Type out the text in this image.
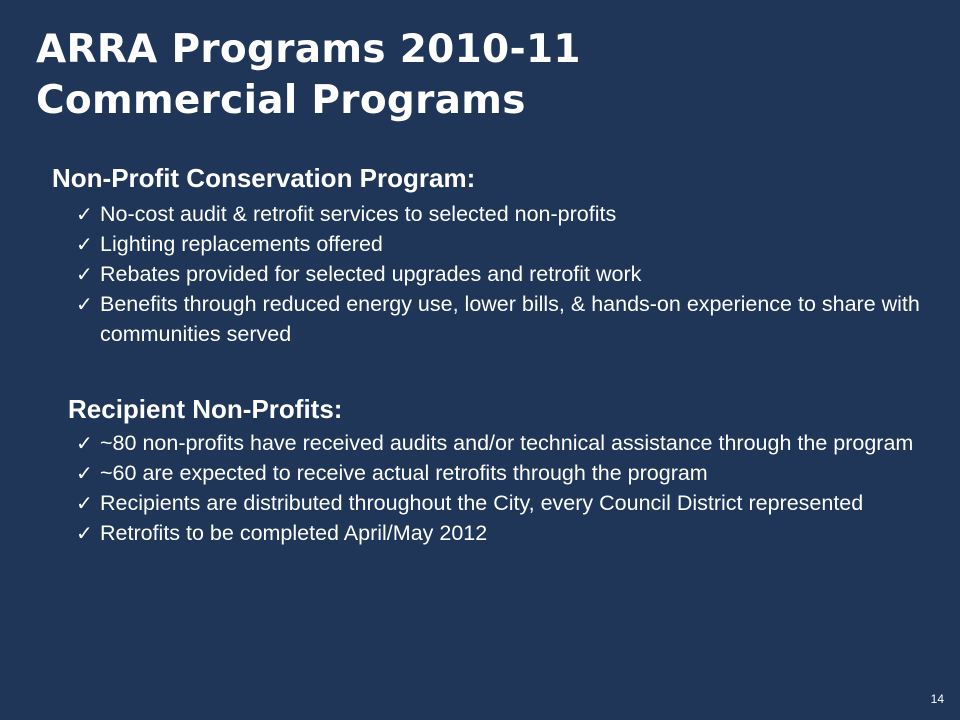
ARRA Programs 2010-11
Commercial Programs
Non-Profit Conservation Program:
✓ No-cost audit & retrofit services to selected non-profits
✓ Lighting replacements offered
✓ Rebates provided for selected upgrades and retrofit work
✓ Benefits through reduced energy use, lower bills, & hands-on experience to share with communities served
Recipient Non-Profits:
✓ ~80 non-profits have received audits and/or technical assistance through the program
✓ ~60 are expected to receive actual retrofits through the program
✓ Recipients are distributed throughout the City, every Council District represented
✓ Retrofits to be completed April/May 2012
14
